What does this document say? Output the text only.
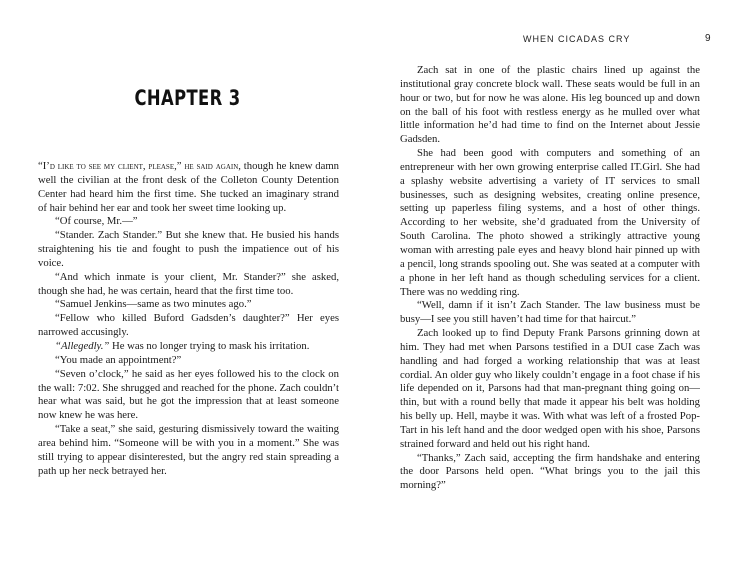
CHAPTER 3

“I’d like to see my client, please,” he said again, though he knew damn well the civilian at the front desk of the Colleton County Detention Center had heard him the first time. She tucked an imaginary strand of hair behind her ear and took her sweet time looking up.

“Of course, Mr.—”

“Stander. Zach Stander.” But she knew that. He busied his hands straightening his tie and fought to push the impatience out of his voice.

“And which inmate is your client, Mr. Stander?” she asked, though she had, he was certain, heard that the first time too.

“Samuel Jenkins—same as two minutes ago.”

“Fellow who killed Buford Gadsden’s daughter?” Her eyes narrowed accusingly.

“Allegedly.” He was no longer trying to mask his irritation.

“You made an appointment?”

“Seven o’clock,” he said as her eyes followed his to the clock on the wall: 7:02. She shrugged and reached for the phone. Zach couldn’t hear what was said, but he got the impression that at least someone now knew he was here.

“Take a seat,” she said, gesturing dismissively toward the waiting area behind him. “Someone will be with you in a moment.” She was still trying to appear disinterested, but the angry red stain spreading a path up her neck betrayed her.

WHEN CICADAS CRY	9

Zach sat in one of the plastic chairs lined up against the institutional gray concrete block wall. These seats would be full in an hour or two, but for now he was alone. His leg bounced up and down on the ball of his foot with restless energy as he mulled over what little information he’d had time to find on the Internet about Jessie Gadsden.

She had been good with computers and something of an entrepreneur with her own growing enterprise called IT.Girl. She had a splashy website advertising a variety of IT services to small businesses, such as designing websites, creating online presence, setting up paperless filing systems, and a host of other things. According to her website, she’d graduated from the University of South Carolina. The photo showed a strikingly attractive young woman with arresting pale eyes and heavy blond hair pinned up with a pencil, long strands spooling out. She was seated at a computer with a phone in her left hand as though scheduling services for a client. There was no wedding ring.

“Well, damn if it isn’t Zach Stander. The law business must be busy—I see you still haven’t had time for that haircut.”

Zach looked up to find Deputy Frank Parsons grinning down at him. They had met when Parsons testified in a DUI case Zach was handling and had forged a working relationship that was at least cordial. An older guy who likely couldn’t engage in a foot chase if his life depended on it, Parsons had that man-pregnant thing going on—thin, but with a round belly that made it appear his belt was holding his belly up. Hell, maybe it was. With what was left of a frosted Pop-Tart in his left hand and the door wedged open with his shoe, Parsons strained forward and held out his right hand.

“Thanks,” Zach said, accepting the firm handshake and entering the door Parsons held open. “What brings you to the jail this morning?”
